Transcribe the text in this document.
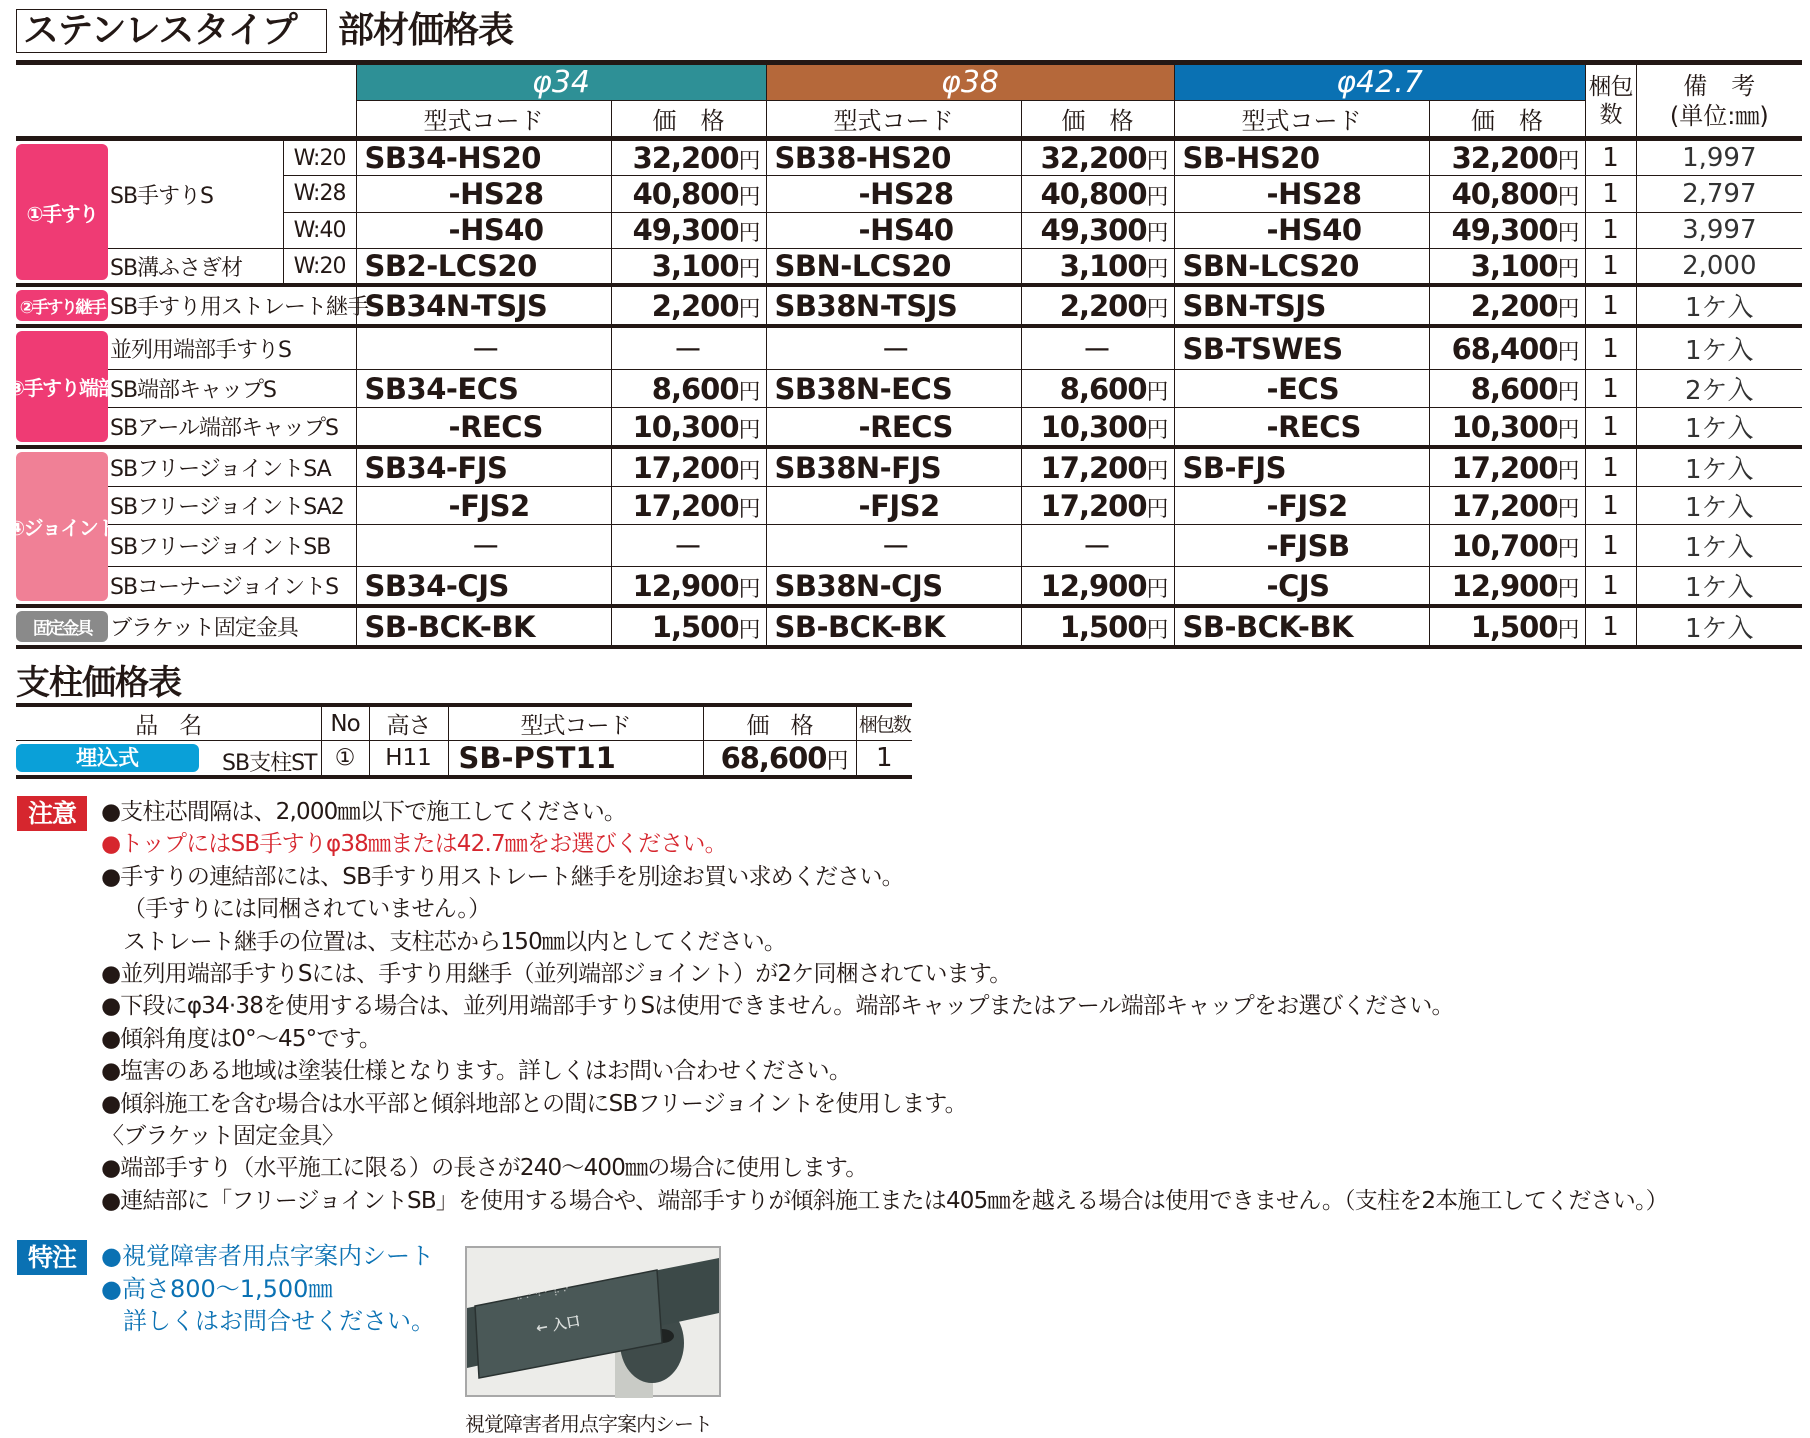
ステンレスタイプ	部材価格表
品　名			φ34		φ38		φ42.7		梱包数	備　考
(単位:㎜)

			型式コード	価　格	型式コード	価　格	型式コード	価　格		

①手すり	SB手すりS	W:20	SB34-HS20	32,200円	SB38-HS20	32,200円	SB-HS20	32,200円	1	1,997
		W:28	-HS28	40,800円	-HS28	40,800円	-HS28	40,800円	1	2,797
		W:40	-HS40	49,300円	-HS40	49,300円	-HS40	49,300円	1	3,997
	SB溝ふさぎ材	W:20	SB2-LCS20	3,100円	SBN-LCS20	3,100円	SBN-LCS20	3,100円	1	2,000

②手すり継手	SB手すり用ストレート継手		SB34N-TSJS	2,200円	SB38N-TSJS	2,200円	SBN-TSJS	2,200円	1	1ケ入

③手すり端部	並列用端部手すりS		－	－	－	－	SB-TSWES	68,400円	1	1ケ入
	SB端部キャップS		SB34-ECS	8,600円	SB38N-ECS	8,600円	-ECS	8,600円	1	2ケ入
	SBアール端部キャップS		-RECS	10,300円	-RECS	10,300円	-RECS	10,300円	1	1ケ入

④ジョイント	SBフリージョイントSA		SB34-FJS	17,200円	SB38N-FJS	17,200円	SB-FJS	17,200円	1	1ケ入
	SBフリージョイントSA2		-FJS2	17,200円	-FJS2	17,200円	-FJS2	17,200円	1	1ケ入
	SBフリージョイントSB		－	－	－	－	-FJSB	10,700円	1	1ケ入
	SBコーナージョイントS		SB34-CJS	12,900円	SB38N-CJS	12,900円	-CJS	12,900円	1	1ケ入

固定金具	ブラケット固定金具		SB-BCK-BK	1,500円	SB-BCK-BK	1,500円	SB-BCK-BK	1,500円	1	1ケ入
支柱価格表
品　名	No	高さ	型式コード	価　格	梱包数
埋込式 SB支柱ST	①	H11	SB-PST11	68,600円	1
注意	●支柱芯間隔は、2,000㎜以下で施工してください。
●トップにはSB手すりφ38㎜または42.7㎜をお選びください。
●手すりの連結部には、SB手すり用ストレート継手を別途お買い求めください。
（手すりには同梱されていません。）
ストレート継手の位置は、支柱芯から150㎜以内としてください。
●並列用端部手すりSには、手すり用継手（並列端部ジョイント）が2ケ同梱されています。
●下段にφ34·38を使用する場合は、並列用端部手すりSは使用できません。端部キャップまたはアール端部キャップをお選びください。
●傾斜角度は0°～45°です。
●塩害のある地域は塗装仕様となります。詳しくはお問い合わせください。
●傾斜施工を含む場合は水平部と傾斜地部との間にSBフリージョイントを使用します。
〈ブラケット固定金具〉
●端部手すり（水平施工に限る）の長さが240～400㎜の場合に使用します。
●連結部に「フリージョイントSB」を使用する場合や、端部手すりが傾斜施工または405㎜を越える場合は使用できません。（支柱を2本施工してください。）
特注	●視覚障害者用点字案内シート
●高さ800～1,500㎜
詳しくはお問合せください。	← 入口
⠓ ⠊ ⠙ ⠁ ⠗ ⠊
視覚障害者用点字案内シート
